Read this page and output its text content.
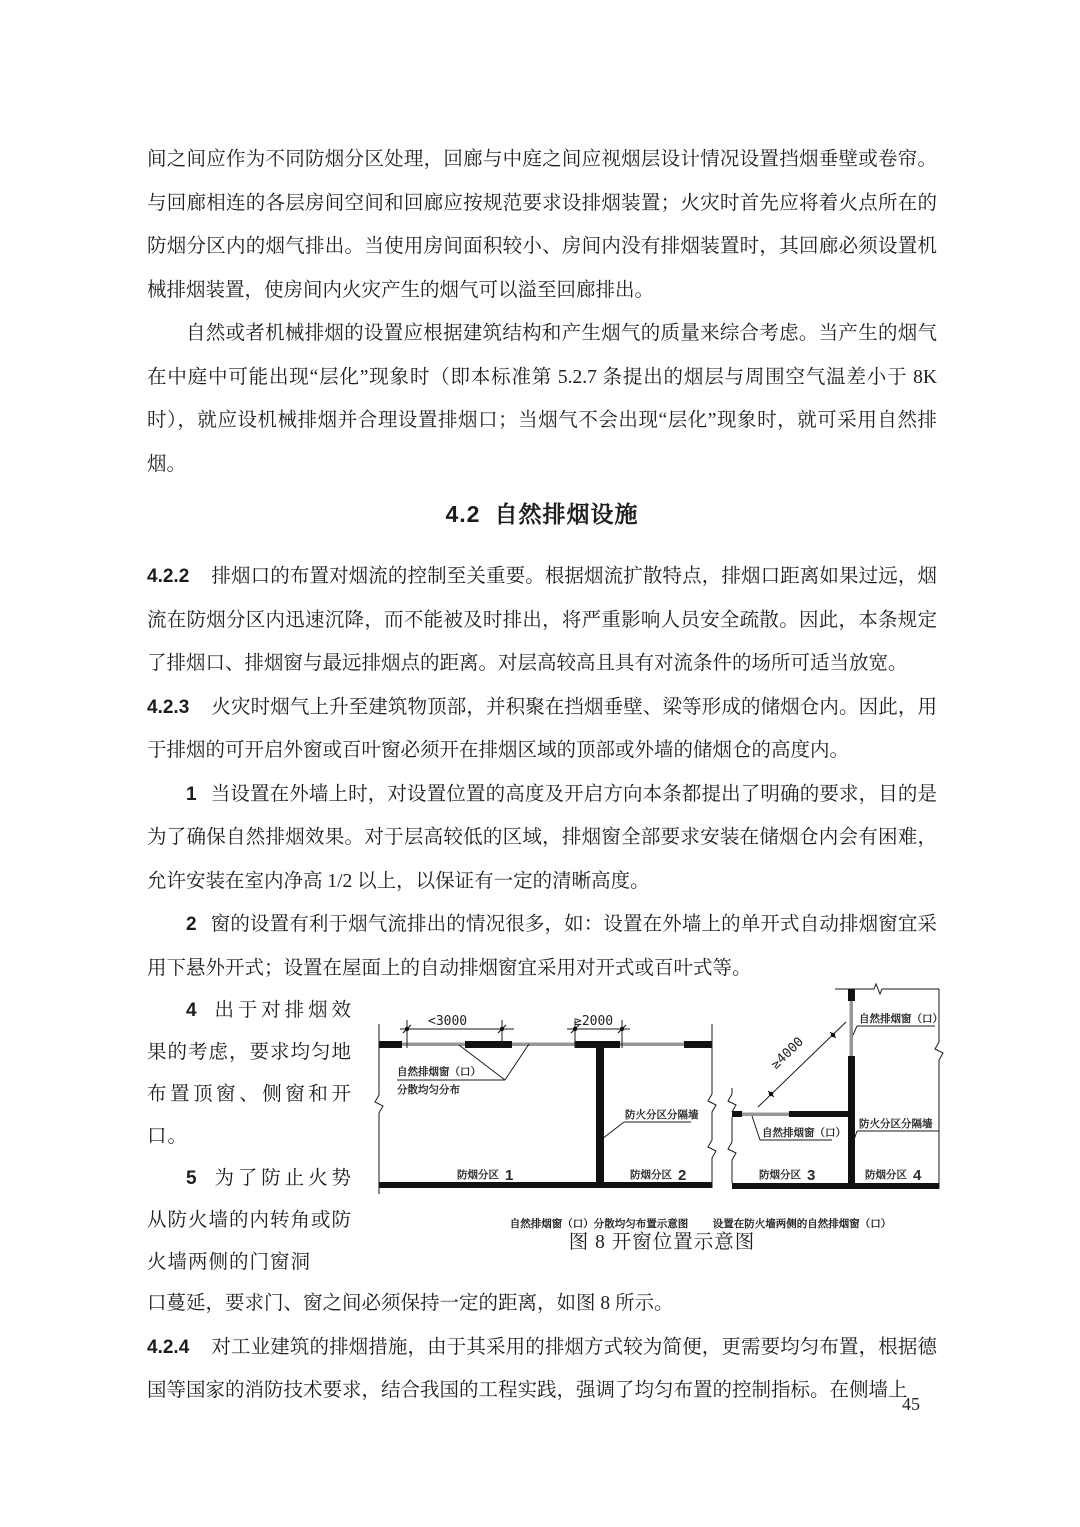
间之间应作为不同防烟分区处理，回廊与中庭之间应视烟层设计情况设置挡烟垂壁或卷帘。与回廊相连的各层房间空间和回廊应按规范要求设排烟装置；火灾时首先应将着火点所在的防烟分区内的烟气排出。当使用房间面积较小、房间内没有排烟装置时，其回廊必须设置机械排烟装置，使房间内火灾产生的烟气可以溢至回廊排出。

自然或者机械排烟的设置应根据建筑结构和产生烟气的质量来综合考虑。当产生的烟气在中庭中可能出现“层化”现象时（即本标准第 5.2.7 条提出的烟层与周围空气温差小于 8K 时），就应设机械排烟并合理设置排烟口；当烟气不会出现“层化”现象时，就可采用自然排烟。

4.2 自然排烟设施

4.2.2 排烟口的布置对烟流的控制至关重要。根据烟流扩散特点，排烟口距离如果过远，烟流在防烟分区内迅速沉降，而不能被及时排出，将严重影响人员安全疏散。因此，本条规定了排烟口、排烟窗与最远排烟点的距离。对层高较高且具有对流条件的场所可适当放宽。

4.2.3 火灾时烟气上升至建筑物顶部，并积聚在挡烟垂壁、梁等形成的储烟仓内。因此，用于排烟的可开启外窗或百叶窗必须开在排烟区域的顶部或外墙的储烟仓的高度内。

1 当设置在外墙上时，对设置位置的高度及开启方向本条都提出了明确的要求，目的是为了确保自然排烟效果。对于层高较低的区域，排烟窗全部要求安装在储烟仓内会有困难，允许安装在室内净高 1/2 以上，以保证有一定的清晰高度。

2 窗的设置有利于烟气流排出的情况很多，如：设置在外墙上的单开式自动排烟窗宜采用下悬外开式；设置在屋面上的自动排烟窗宜采用对开式或百叶式等。

4 出于对排烟效果的考虑，要求均匀地布置顶窗、侧窗和开口。

5 为了防止火势从防火墙的内转角或防火墙两侧的门窗洞

<3000	≥2000
自然排烟窗（口）
分散均匀分布
防火分区分隔墙
防烟分区 1	防烟分区 2
自然排烟窗（口）分散均匀布置示意图
≥4000
自然排烟窗（口）
防火分区分隔墙
自然排烟窗（口）
防烟分区 3	防烟分区 4
设置在防火墙两侧的自然排烟窗（口）
图 8 开窗位置示意图

口蔓延，要求门、窗之间必须保持一定的距离，如图 8 所示。

4.2.4 对工业建筑的排烟措施，由于其采用的排烟方式较为简便，更需要均匀布置，根据德国等国家的消防技术要求，结合我国的工程实践，强调了均匀布置的控制指标。在侧墙上

45
